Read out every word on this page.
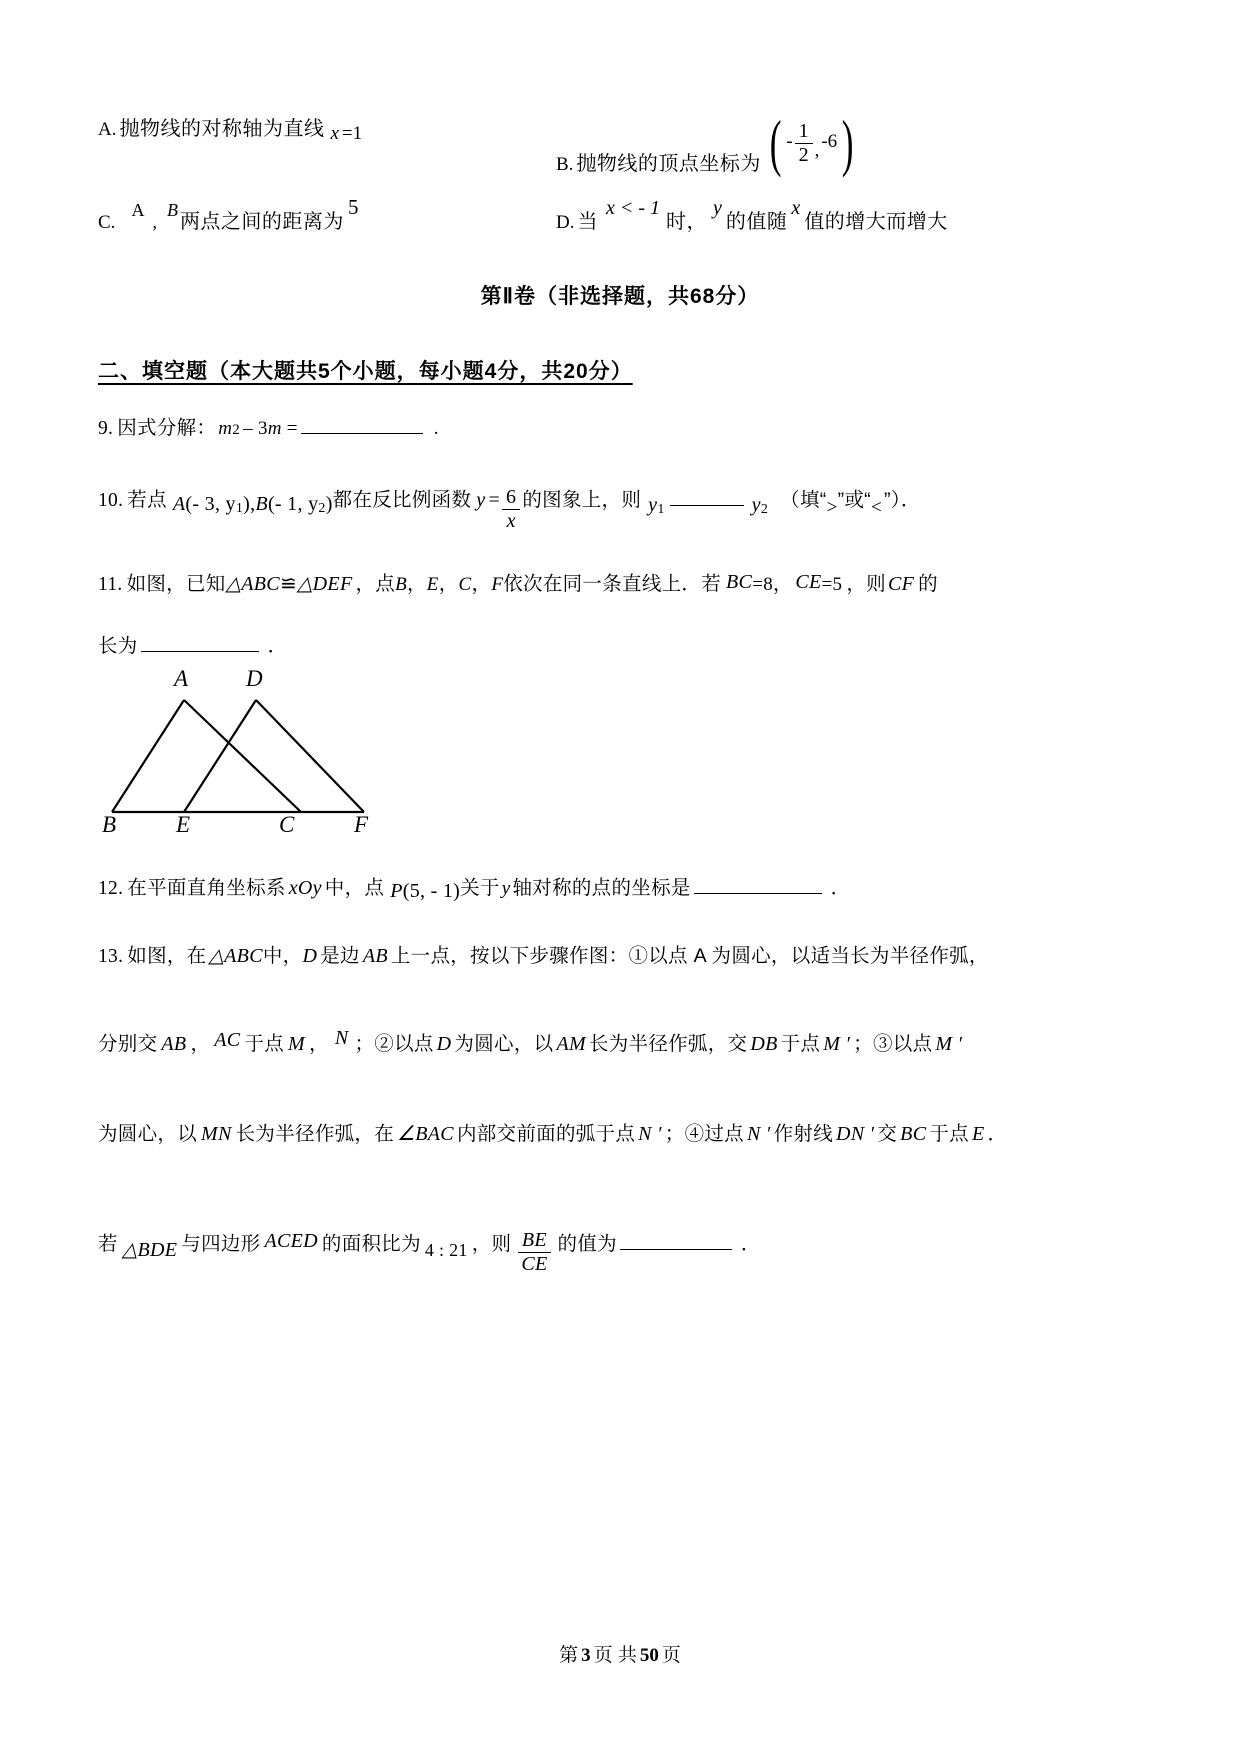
A. 抛物线的对称轴为直线 x =1
B. 抛物线的顶点坐标为 ( - $\frac{1}{2}$ , -6 )
C.
A
,
B
两点之间的距离为
5
D. 当
x < - 1
时，
y
的值随
x
值的增大而增大
第Ⅱ卷（非选择题，共68分）
二、填空题（本大题共5个小题，每小题4分，共20分）
9. 因式分解： m 2 – 3 m =	.
10. 若点 A (- 3, y 1 ), B (- 1, y 2 ) 都在反比例函数 $y = \frac{6}{x}$ 的图象上，则 y 1	y 2 （填“ > ”或“ < ”）．
11. 如图，已知 △ABC ≌ △DEF ，点 B ， E ， C ， F 依次在同一条直线上．若 BC =8， CE =5 ，则 CF 的
长为	．
A	D
B	E	C	F
12. 在平面直角坐标系 xOy 中，点 P (5, - 1) 关于 y 轴对称的点的坐标是	．
13. 如图，在 △ABC 中， D 是边 AB 上一点，按以下步骤作图：①以点 A 为圆心，以适当长为半径作弧，
分别交 AB ， AC 于点 M ， N ；②以点 D 为圆心，以 AM 长为半径作弧，交 DB 于点 M ′ ；③以点 M ′
为圆心，以 MN 长为半径作弧，在 ∠BAC 内部交前面的弧于点 N ′ ；④过点 N ′ 作射线 DN ′ 交 BC 于点 E ．
若 △BDE 与四边形 ACED 的面积比为 4 : 21 ，则 $\frac{BE}{CE}$ 的值为	．
第 3 页 共 50 页
